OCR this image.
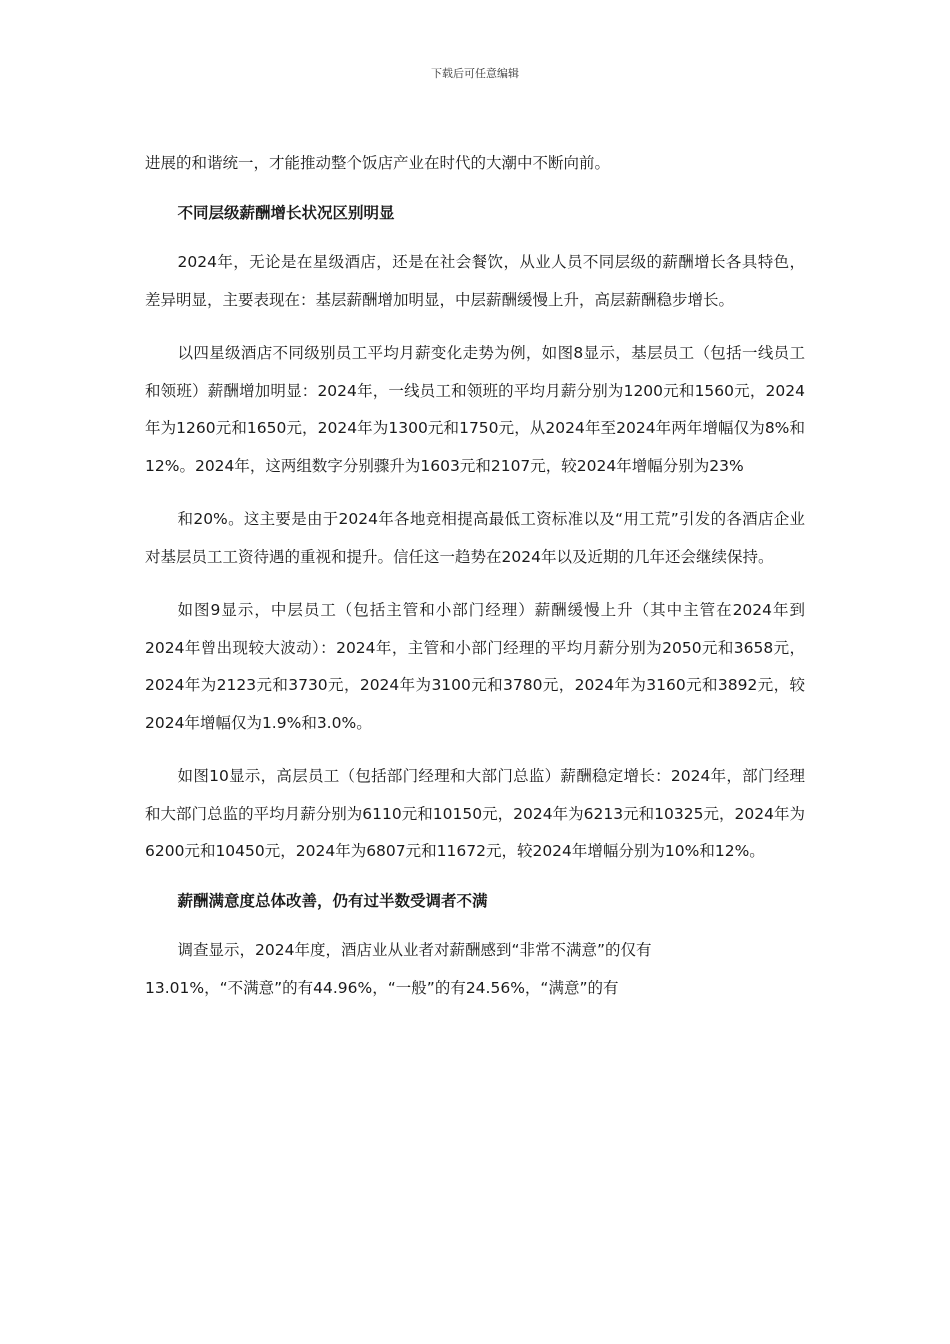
下载后可任意编辑

进展的和谐统一，才能推动整个饭店产业在时代的大潮中不断向前。

不同层级薪酬增长状况区别明显

2024年，无论是在星级酒店，还是在社会餐饮，从业人员不同层级的薪酬增长各具特色，差异明显，主要表现在：基层薪酬增加明显，中层薪酬缓慢上升，高层薪酬稳步增长。

以四星级酒店不同级别员工平均月薪变化走势为例，如图8显示，基层员工（包括一线员工和领班）薪酬增加明显：2024年，一线员工和领班的平均月薪分别为1200元和1560元，2024年为1260元和1650元，2024年为1300元和1750元，从2024年至2024年两年增幅仅为8%和12%。2024年，这两组数字分别骤升为1603元和2107元，较2024年增幅分别为23%

和20%。这主要是由于2024年各地竞相提高最低工资标准以及“用工荒”引发的各酒店企业对基层员工工资待遇的重视和提升。信任这一趋势在2024年以及近期的几年还会继续保持。

如图9显示，中层员工（包括主管和小部门经理）薪酬缓慢上升（其中主管在2024年到2024年曾出现较大波动）：2024年，主管和小部门经理的平均月薪分别为2050元和3658元，2024年为2123元和3730元，2024年为3100元和3780元，2024年为3160元和3892元，较2024年增幅仅为1.9%和3.0%。

如图10显示，高层员工（包括部门经理和大部门总监）薪酬稳定增长：2024年，部门经理和大部门总监的平均月薪分别为6110元和10150元，2024年为6213元和10325元，2024年为6200元和10450元，2024年为6807元和11672元，较2024年增幅分别为10%和12%。

薪酬满意度总体改善，仍有过半数受调者不满

调查显示，2024年度，酒店业从业者对薪酬感到“非常不满意”的仅有

13.01%，“不满意”的有44.96%，“一般”的有24.56%，“满意”的有
